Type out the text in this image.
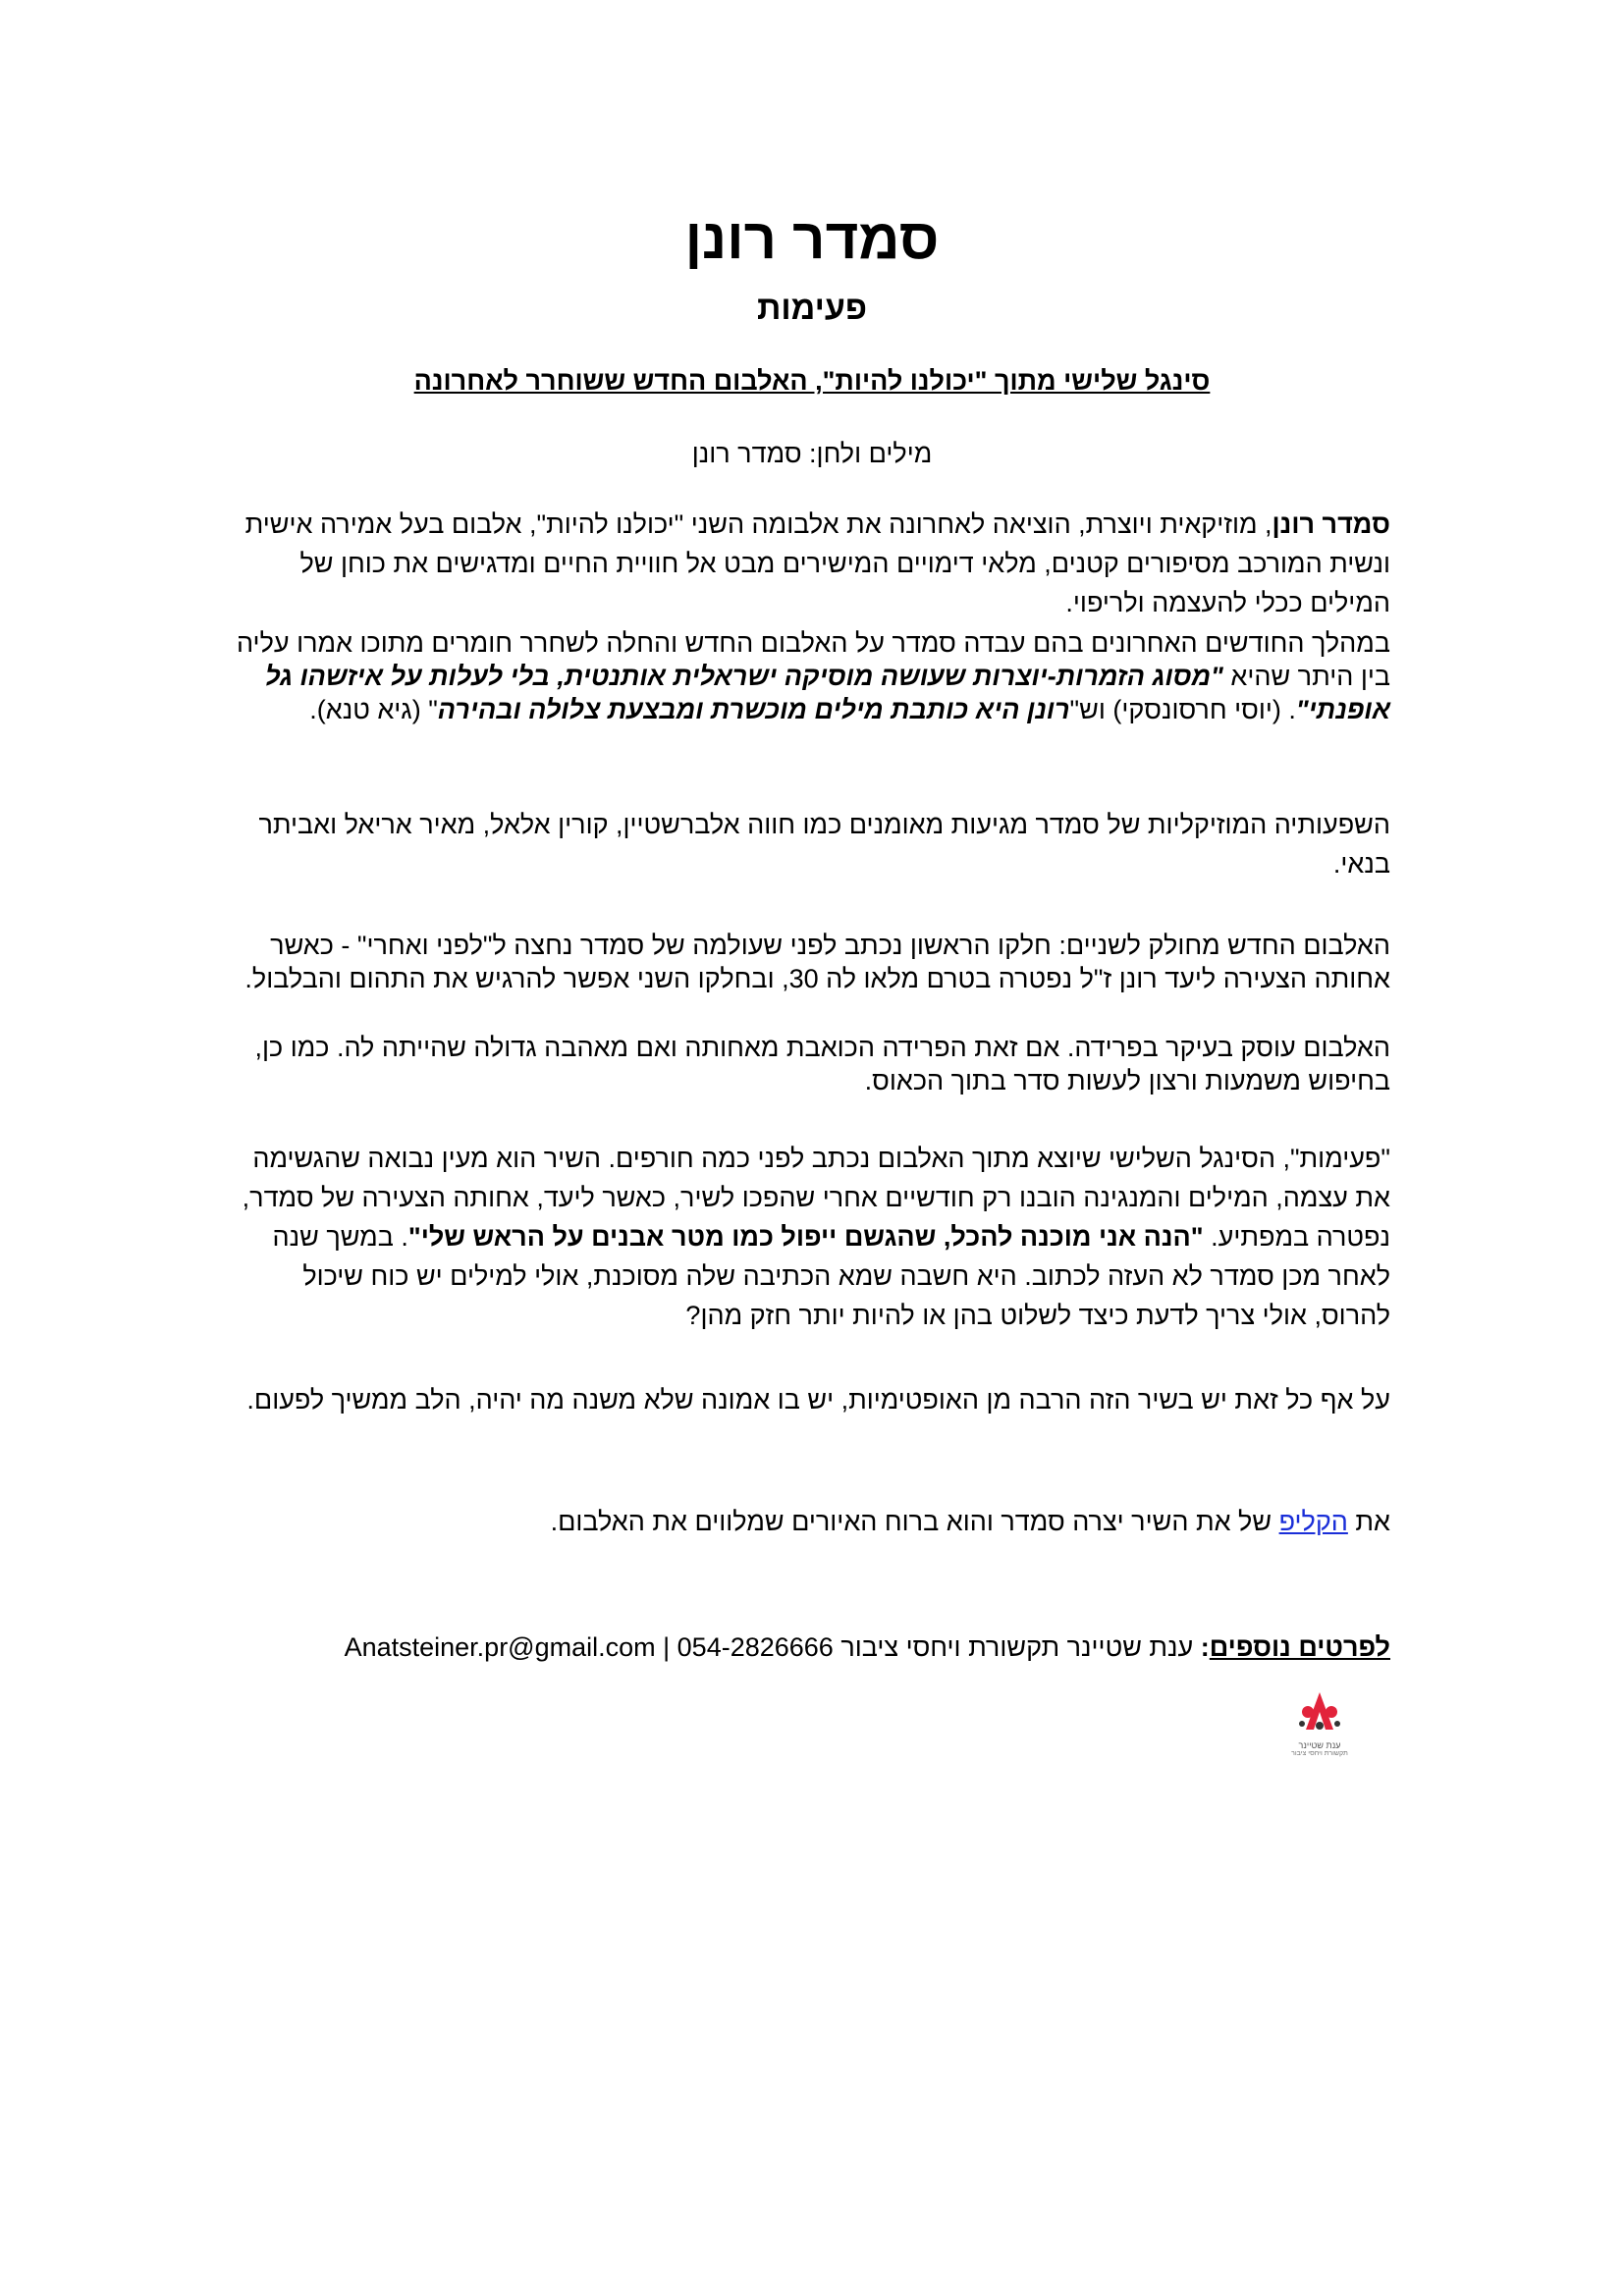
סמדר רונן
פעימות
סינגל שלישי מתוך "יכולנו להיות", האלבום החדש ששוחרר לאחרונה
מילים ולחן: סמדר רונן

סמדר רונן, מוזיקאית ויוצרת, הוציאה לאחרונה את אלבומה השני "יכולנו להיות", אלבום בעל אמירה אישית ונשית המורכב מסיפורים קטנים, מלאי דימויים המישירים מבט אל חוויית החיים ומדגישים את כוחן של המילים ככלי להעצמה ולריפוי.

במהלך החודשים האחרונים בהם עבדה סמדר על האלבום החדש והחלה לשחרר חומרים מתוכו אמרו עליה בין היתר שהיא "מסוג הזמרות-יוצרות שעושה מוסיקה ישראלית אותנטית, בלי לעלות על איזשהו גל אופנתי". (יוסי חרסונסקי) וש"רונן היא כותבת מילים מוכשרת ומבצעת צלולה ובהירה" (גיא טנא).

השפעותיה המוזיקליות של סמדר מגיעות מאומנים כמו חווה אלברשטיין, קורין אלאל, מאיר אריאל ואביתר בנאי.

האלבום החדש מחולק לשניים: חלקו הראשון נכתב לפני שעולמה של סמדר נחצה ל"לפני ואחרי" - כאשר אחותה הצעירה ליעד רונן ז"ל נפטרה בטרם מלאו לה 30, ובחלקו השני אפשר להרגיש את התהום והבלבול.

האלבום עוסק בעיקר בפרידה. אם זאת הפרידה הכואבת מאחותה ואם מאהבה גדולה שהייתה לה. כמו כן, בחיפוש משמעות ורצון לעשות סדר בתוך הכאוס.

"פעימות", הסינגל השלישי שיוצא מתוך האלבום נכתב לפני כמה חורפים. השיר הוא מעין נבואה שהגשימה את עצמה, המילים והמנגינה הובנו רק חודשיים אחרי שהפכו לשיר, כאשר ליעד, אחותה הצעירה של סמדר, נפטרה במפתיע. "הנה אני מוכנה להכל, שהגשם ייפול כמו מטר אבנים על הראש שלי". במשך שנה לאחר מכן סמדר לא העזה לכתוב. היא חשבה שמא הכתיבה שלה מסוכנת, אולי למילים יש כוח שיכול להרוס, אולי צריך לדעת כיצד לשלוט בהן או להיות יותר חזק מהן?

על אף כל זאת יש בשיר הזה הרבה מן האופטימיות, יש בו אמונה שלא משנה מה יהיה, הלב ממשיך לפעום.

את הקליפ של את השיר יצרה סמדר והוא ברוח האיורים שמלווים את האלבום.

לפרטים נוספים: ענת שטיינר תקשורת ויחסי ציבור 054-2826666 | Anatsteiner.pr@gmail.com

ענת שטיינר
תקשורת ויחסי ציבור
